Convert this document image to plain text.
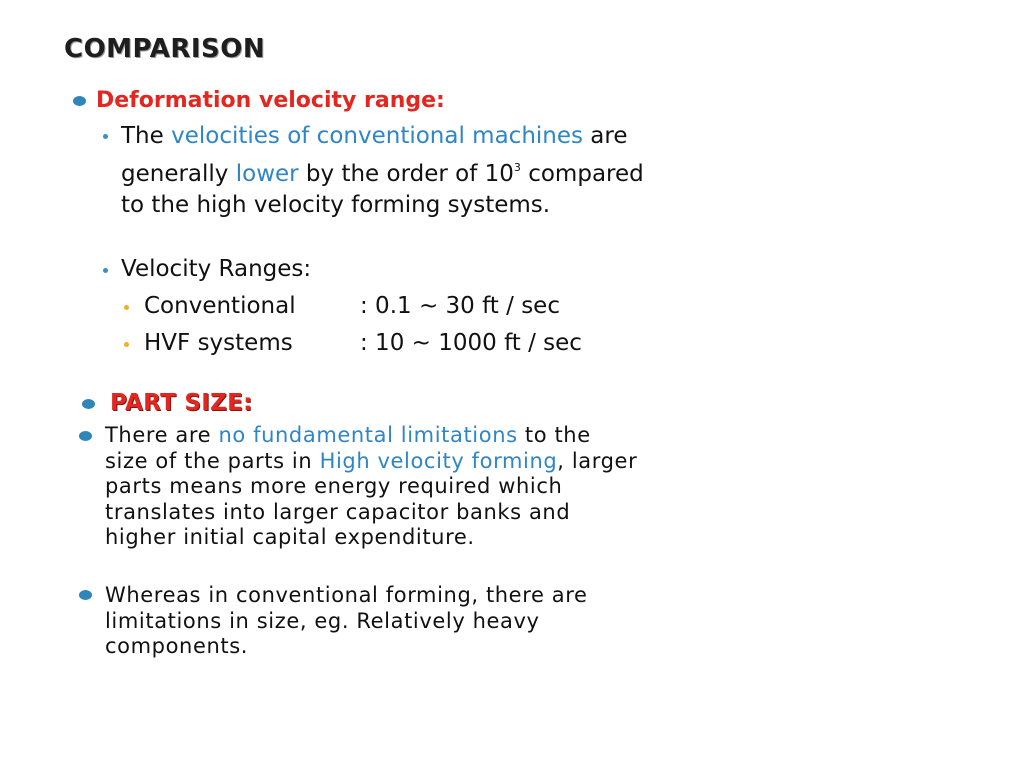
COMPARISON
Deformation velocity range:
The velocities of conventional machines are
generally lower by the order of $10^3$ compared
to the high velocity forming systems.
Velocity Ranges:
Conventional	: 0.1 ~ 30 ft / sec
HVF systems	: 10 ~ 1000 ft / sec
PART SIZE:
There are no fundamental limitations to the
size of the parts in High velocity forming, larger
parts means more energy required which
translates into larger capacitor banks and
higher initial capital expenditure.
Whereas in conventional forming, there are
limitations in size, eg. Relatively heavy
components.
